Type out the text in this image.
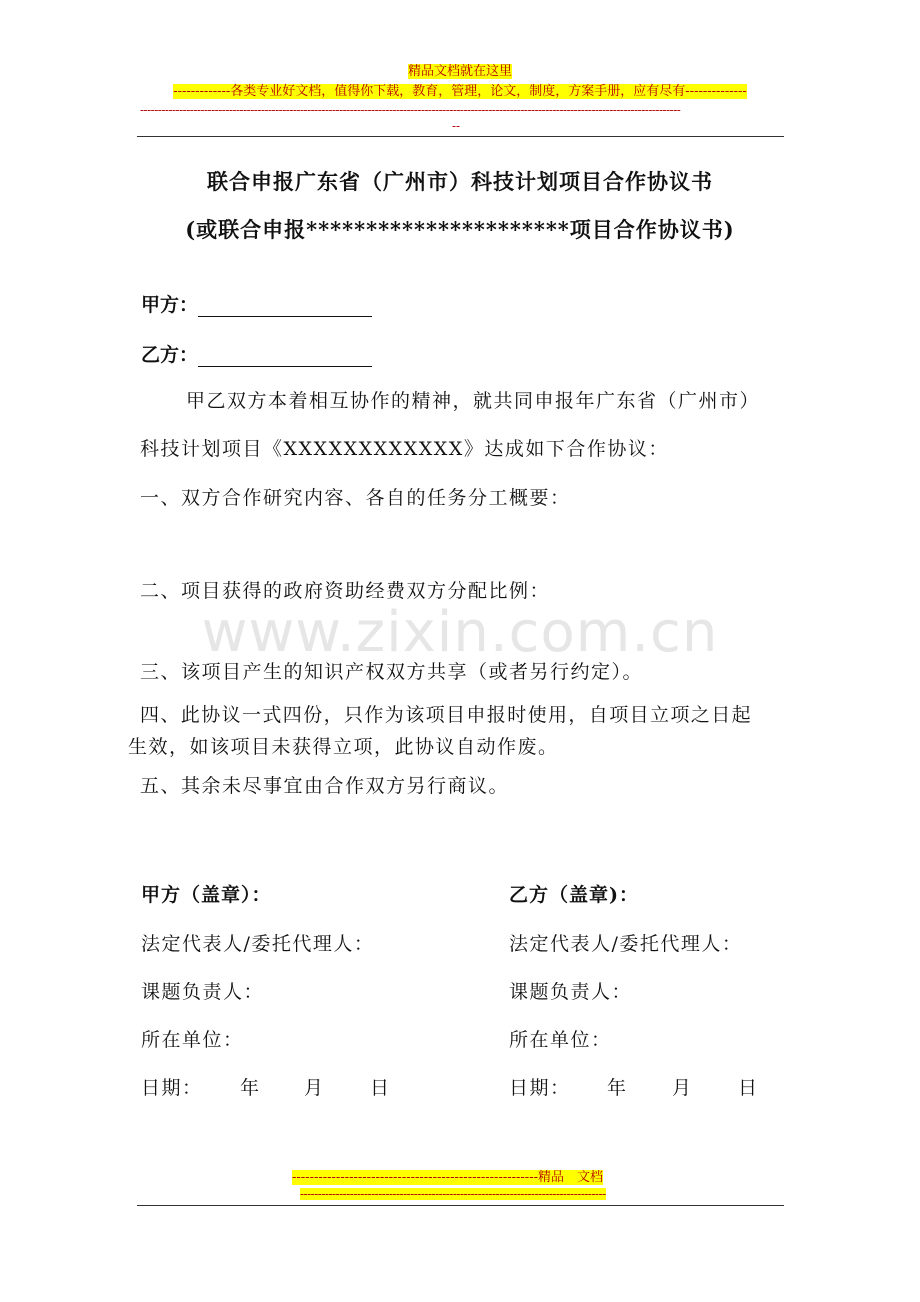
www.zixin.com.cn
精品文档就在这里
-------------各类专业好文档，值得你下载，教育，管理，论文，制度，方案手册，应有尽有--------------
--------------------------------------------------------------------------------------------------------------------------------------------------------
--
联合申报广东省（广州市）科技计划项目合作协议书
(或联合申报**********************项目合作协议书)
甲方：
乙方：
甲乙双方本着相互协作的精神，就共同申报年广东省（广州市）
科技计划项目《XXXXXXXXXXXX》达成如下合作协议：
一、双方合作研究内容、各自的任务分工概要：
二、项目获得的政府资助经费双方分配比例：
三、该项目产生的知识产权双方共享（或者另行约定）。
四、此协议一式四份，只作为该项目申报时使用，自项目立项之日起
生效，如该项目未获得立项，此协议自动作废。
五、其余未尽事宜由合作双方另行商议。
甲方（盖章）：
法定代表人/委托代理人：
课题负责人：
所在单位：
日期： 年 月 日
乙方（盖章)：
法定代表人/委托代理人：
课题负责人：
所在单位：
日期： 年 月 日
--------------------------------------------------------精品　文档
--------------------------------------------------------------------------------------
